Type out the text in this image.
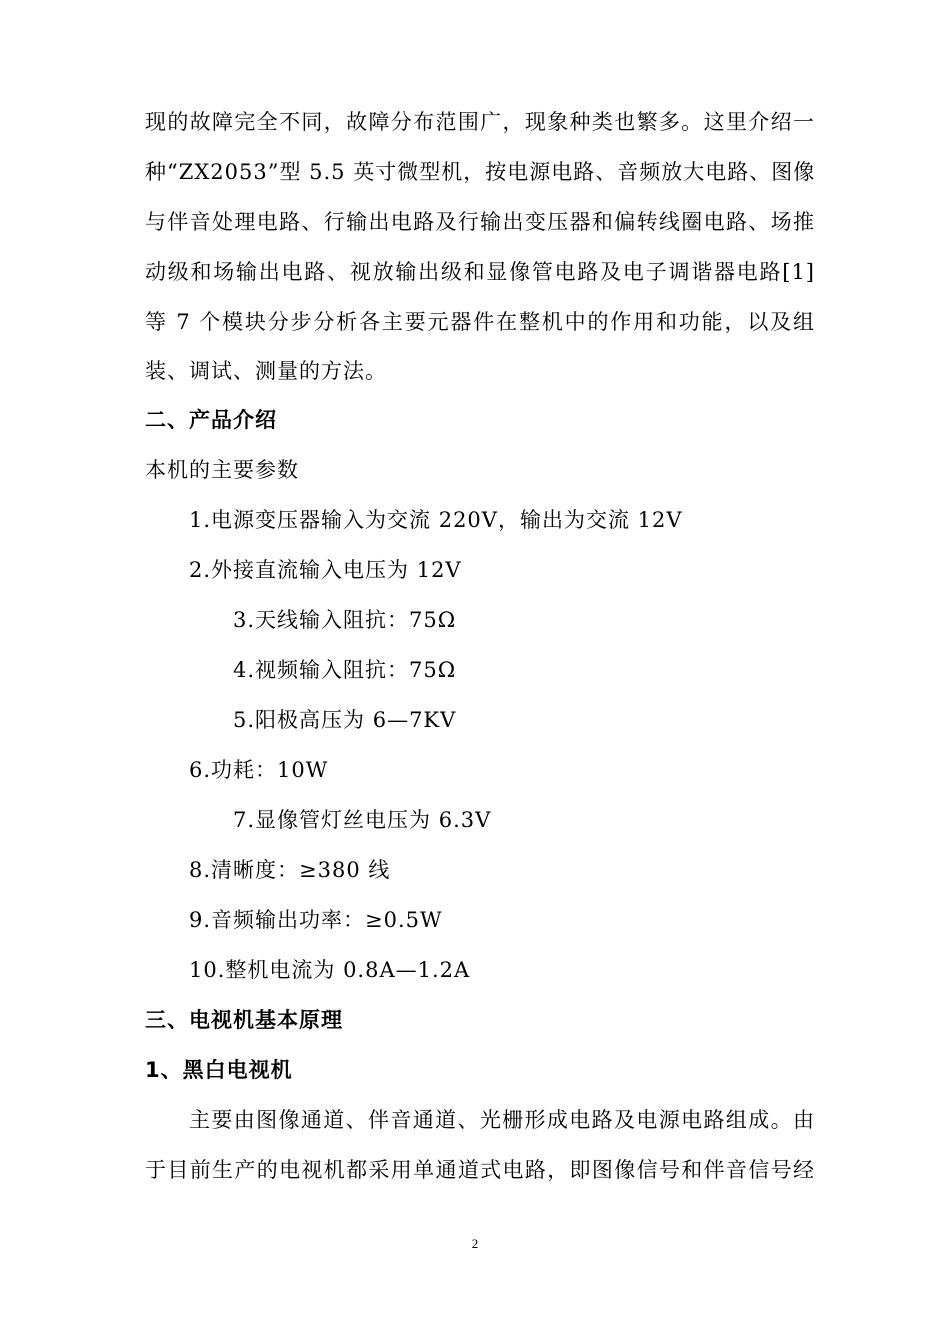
现的故障完全不同，故障分布范围广，现象种类也繁多。这里介绍一
种“ZX2053”型 5.5 英寸微型机，按电源电路、音频放大电路、图像
与伴音处理电路、行输出电路及行输出变压器和偏转线圈电路、场推
动级和场输出电路、视放输出级和显像管电路及电子调谐器电路[1]
等 7 个模块分步分析各主要元器件在整机中的作用和功能，以及组
装、调试、测量的方法。
二、产品介绍
本机的主要参数
1.电源变压器输入为交流 220V，输出为交流 12V
2.外接直流输入电压为 12V
3.天线输入阻抗：75Ω
4.视频输入阻抗：75Ω
5.阳极高压为 6—7KV
6.功耗：10W
7.显像管灯丝电压为 6.3V
8.清晰度：≥380 线
9.音频输出功率：≥0.5W
10.整机电流为 0.8A—1.2A
三、电视机基本原理
1、黑白电视机
主要由图像通道、伴音通道、光栅形成电路及电源电路组成。由
于目前生产的电视机都采用单通道式电路，即图像信号和伴音信号经
2
